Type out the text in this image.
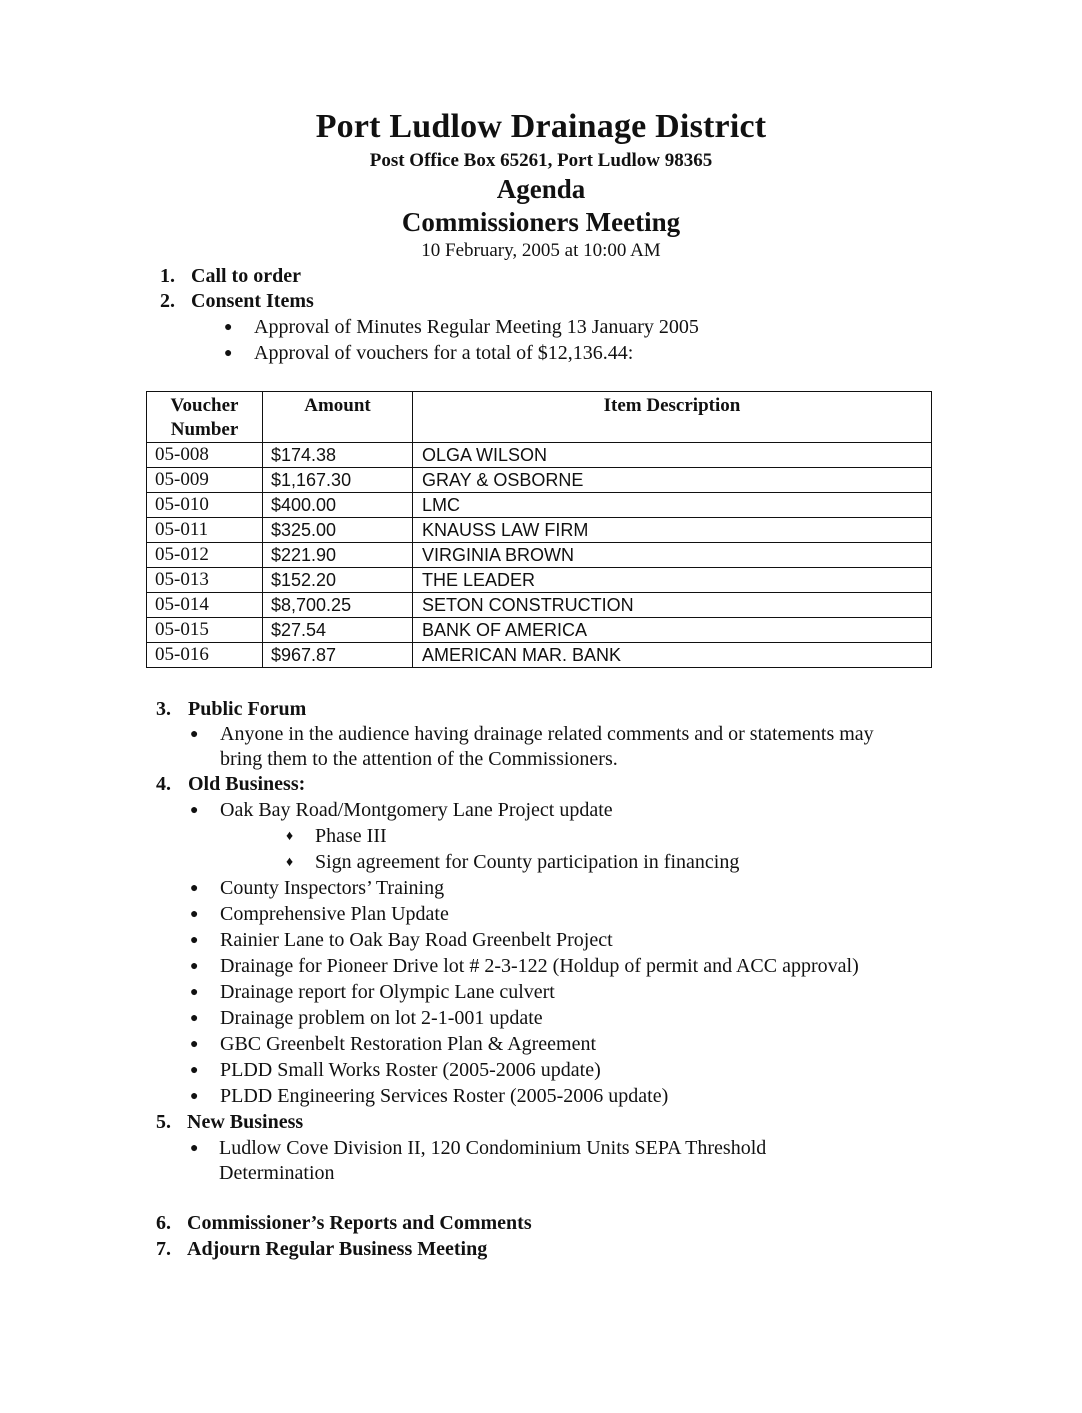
Port Ludlow Drainage District
Post Office Box 65261, Port Ludlow 98365
Agenda
Commissioners Meeting
10 February, 2005 at 10:00 AM
1. Call to order
2. Consent Items
● Approval of Minutes Regular Meeting 13 January 2005
● Approval of vouchers for a total of $12,136.44:
Voucher
Number	Amount	Item Description
05-008	$174.38	OLGA WILSON
05-009	$1,167.30	GRAY & OSBORNE
05-010	$400.00	LMC
05-011	$325.00	KNAUSS LAW FIRM
05-012	$221.90	VIRGINIA BROWN
05-013	$152.20	THE LEADER
05-014	$8,700.25	SETON CONSTRUCTION
05-015	$27.54	BANK OF AMERICA
05-016	$967.87	AMERICAN MAR. BANK
3. Public Forum
● Anyone in the audience having drainage related comments and or statements may
bring them to the attention of the Commissioners.
4. Old Business:
● Oak Bay Road/Montgomery Lane Project update
♦ Phase III
♦ Sign agreement for County participation in financing
● County Inspectors’ Training
● Comprehensive Plan Update
● Rainier Lane to Oak Bay Road Greenbelt Project
● Drainage for Pioneer Drive lot # 2-3-122 (Holdup of permit and ACC approval)
● Drainage report for Olympic Lane culvert
● Drainage problem on lot 2-1-001 update
● GBC Greenbelt Restoration Plan & Agreement
● PLDD Small Works Roster (2005-2006 update)
● PLDD Engineering Services Roster (2005-2006 update)
5. New Business
● Ludlow Cove Division II, 120 Condominium Units SEPA Threshold
Determination
6. Commissioner’s Reports and Comments
7. Adjourn Regular Business Meeting
